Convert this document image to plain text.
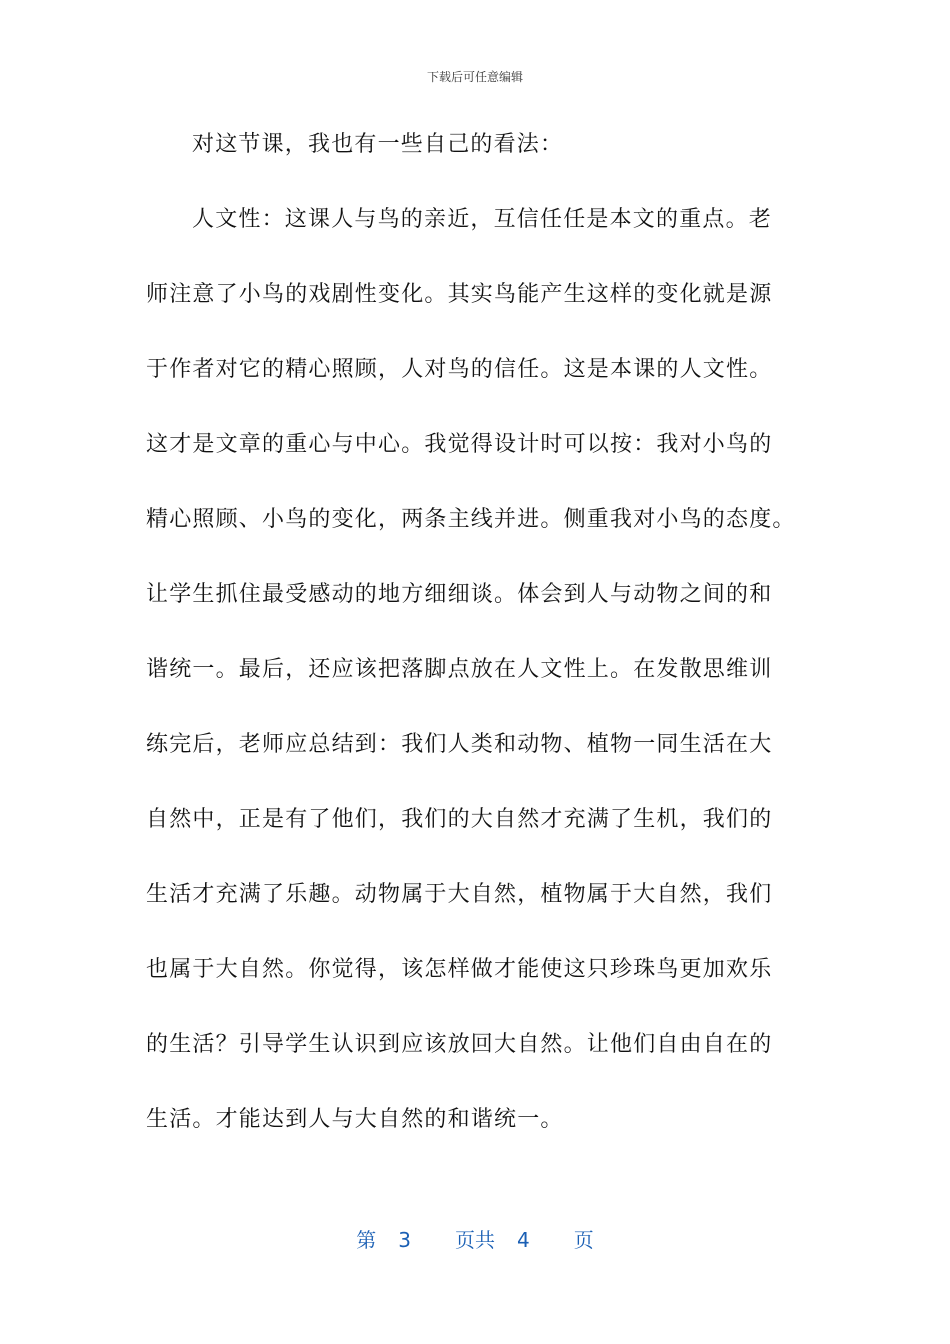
下载后可任意编辑
对这节课，我也有一些自己的看法：
人文性：这课人与鸟的亲近，互信任任是本文的重点。老
师注意了小鸟的戏剧性变化。其实鸟能产生这样的变化就是源
于作者对它的精心照顾，人对鸟的信任。这是本课的人文性。
这才是文章的重心与中心。我觉得设计时可以按：我对小鸟的
精心照顾、小鸟的变化，两条主线并进。侧重我对小鸟的态度。
让学生抓住最受感动的地方细细谈。体会到人与动物之间的和
谐统一。最后，还应该把落脚点放在人文性上。在发散思维训
练完后，老师应总结到：我们人类和动物、植物一同生活在大
自然中，正是有了他们，我们的大自然才充满了生机，我们的
生活才充满了乐趣。动物属于大自然，植物属于大自然，我们
也属于大自然。你觉得，该怎样做才能使这只珍珠鸟更加欢乐
的生活？引导学生认识到应该放回大自然。让他们自由自在的
生活。才能达到人与大自然的和谐统一。
第 3 页共 4 页
